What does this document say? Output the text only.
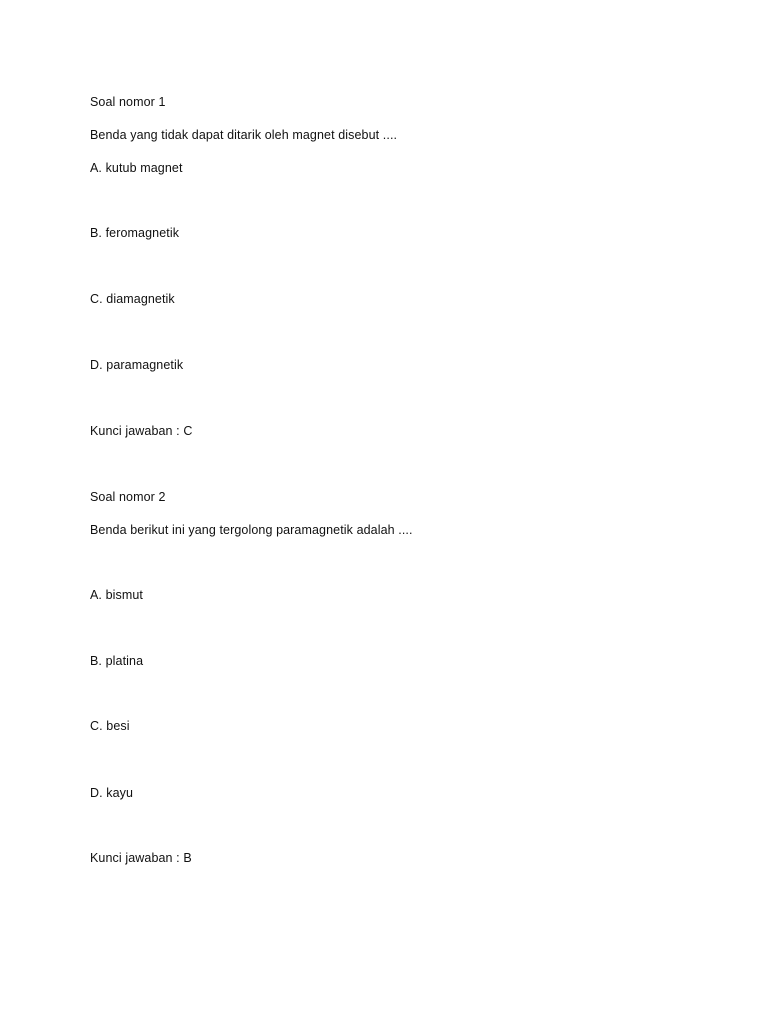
Soal nomor 1
Benda yang tidak dapat ditarik oleh magnet disebut ....
A. kutub magnet
B. feromagnetik
C. diamagnetik
D. paramagnetik
Kunci jawaban : C
Soal nomor 2
Benda berikut ini yang tergolong paramagnetik adalah ....
A. bismut
B. platina
C. besi
D. kayu
Kunci jawaban : B
